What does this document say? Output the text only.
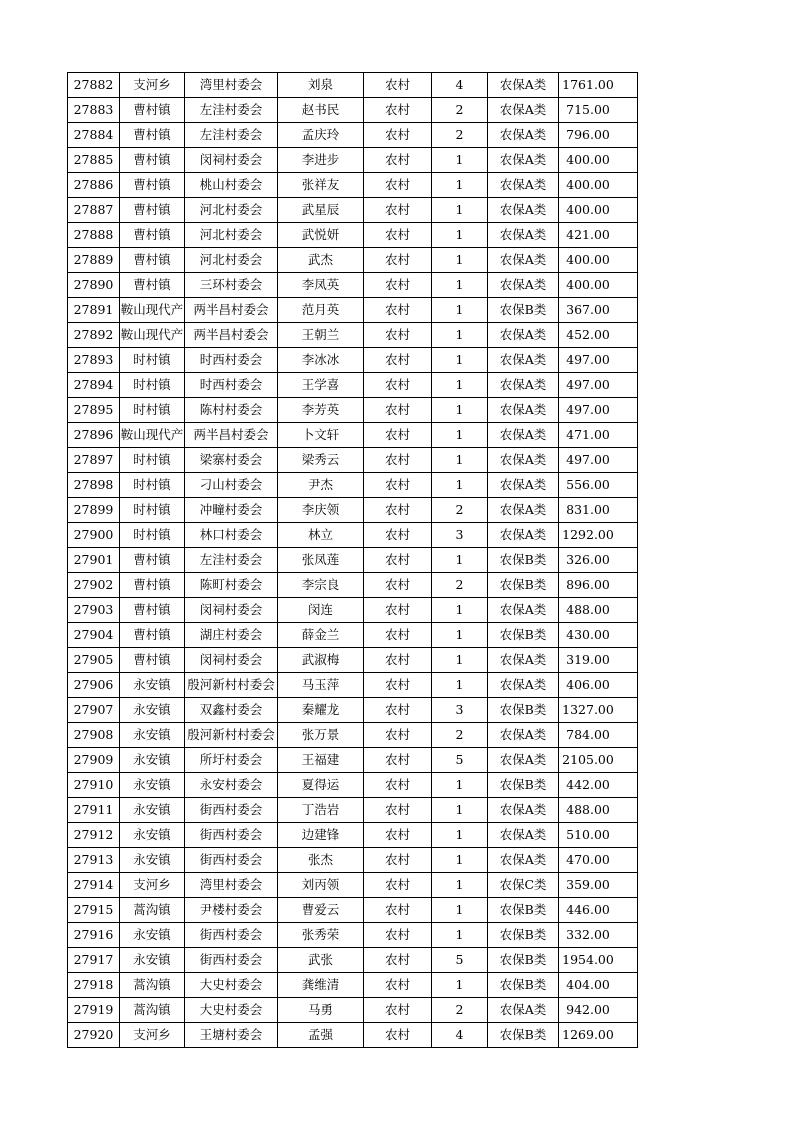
27882	支河乡	湾里村委会	刘泉	农村	4	农保A类	1761.00
27883	曹村镇	左洼村委会	赵书民	农村	2	农保A类	715.00
27884	曹村镇	左洼村委会	孟庆玲	农村	2	农保A类	796.00
27885	曹村镇	闵祠村委会	李进步	农村	1	农保A类	400.00
27886	曹村镇	桃山村委会	张祥友	农村	1	农保A类	400.00
27887	曹村镇	河北村委会	武星辰	农村	1	农保A类	400.00
27888	曹村镇	河北村委会	武悦妍	农村	1	农保A类	421.00
27889	曹村镇	河北村委会	武杰	农村	1	农保A类	400.00
27890	曹村镇	三环村委会	李凤英	农村	1	农保A类	400.00
27891	鞍山现代产	两半昌村委会	范月英	农村	1	农保B类	367.00
27892	鞍山现代产	两半昌村委会	王朝兰	农村	1	农保A类	452.00
27893	时村镇	时西村委会	李冰冰	农村	1	农保A类	497.00
27894	时村镇	时西村委会	王学喜	农村	1	农保A类	497.00
27895	时村镇	陈村村委会	李芳英	农村	1	农保A类	497.00
27896	鞍山现代产	两半昌村委会	卜文轩	农村	1	农保A类	471.00
27897	时村镇	梁寨村委会	梁秀云	农村	1	农保A类	497.00
27898	时村镇	刁山村委会	尹杰	农村	1	农保A类	556.00
27899	时村镇	冲疃村委会	李庆领	农村	2	农保A类	831.00
27900	时村镇	林口村委会	林立	农村	3	农保A类	1292.00
27901	曹村镇	左洼村委会	张凤莲	农村	1	农保B类	326.00
27902	曹村镇	陈町村委会	李宗良	农村	2	农保B类	896.00
27903	曹村镇	闵祠村委会	闵连	农村	1	农保A类	488.00
27904	曹村镇	湖庄村委会	薛金兰	农村	1	农保B类	430.00
27905	曹村镇	闵祠村委会	武淑梅	农村	1	农保A类	319.00
27906	永安镇	殷河新村村委会	马玉萍	农村	1	农保A类	406.00
27907	永安镇	双鑫村委会	秦耀龙	农村	3	农保B类	1327.00
27908	永安镇	殷河新村村委会	张万景	农村	2	农保A类	784.00
27909	永安镇	所圩村委会	王福建	农村	5	农保A类	2105.00
27910	永安镇	永安村委会	夏得运	农村	1	农保B类	442.00
27911	永安镇	街西村委会	丁浩岩	农村	1	农保A类	488.00
27912	永安镇	街西村委会	边建锋	农村	1	农保A类	510.00
27913	永安镇	街西村委会	张杰	农村	1	农保A类	470.00
27914	支河乡	湾里村委会	刘丙领	农村	1	农保C类	359.00
27915	蒿沟镇	尹楼村委会	曹爱云	农村	1	农保B类	446.00
27916	永安镇	街西村委会	张秀荣	农村	1	农保B类	332.00
27917	永安镇	街西村委会	武张	农村	5	农保B类	1954.00
27918	蒿沟镇	大史村委会	龚维清	农村	1	农保B类	404.00
27919	蒿沟镇	大史村委会	马勇	农村	2	农保A类	942.00
27920	支河乡	王塘村委会	孟强	农村	4	农保B类	1269.00
